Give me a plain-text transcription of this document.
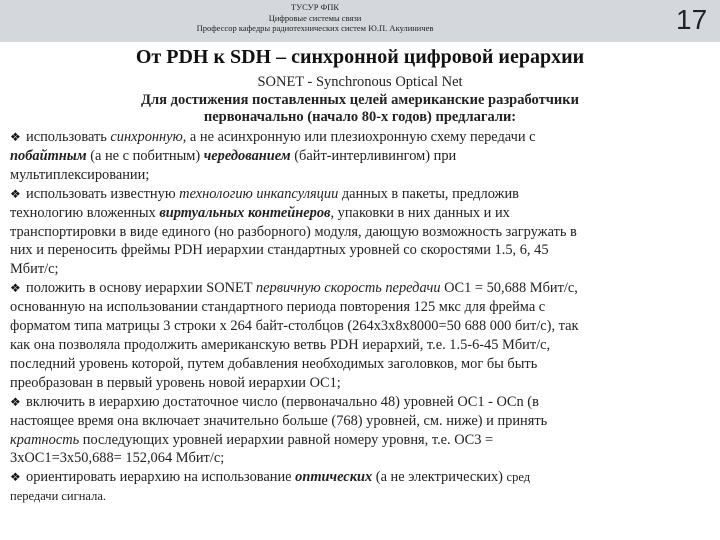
ТУСУР ФПК
Цифровые системы связи
Профессор кафедры радиотехнических систем Ю.П. Акулиничев	17
От PDH к SDH – синхронной цифровой иерархии
SONET - Synchronous Optical Net
Для достижения поставленных целей американские разработчики
первоначально (начало 80-х годов) предлагали:

❖ использовать синхронную, а не асинхронную или плезиохронную схему передачи с

побайтным (а не с побитным) чередованием (байт-интерливингом) при

мультиплексировании;

❖ использовать известную технологию инкапсуляции данных в пакеты, предложив

технологию вложенных виртуальных контейнеров, упаковки в них данных и их

транспортировки в виде единого (но разборного) модуля, дающую возможность загружать в

них и переносить фреймы PDH иерархии стандартных уровней со скоростями 1.5, 6, 45

Мбит/с;

❖ положить в основу иерархии SONET первичную скорость передачи OC1 = 50,688 Мбит/с,

основанную на использовании стандартного периода повторения 125 мкс для фрейма с

форматом типа матрицы 3 строки x 264 байт-столбцов (264x3x8x8000=50 688 000 бит/с), так

как она позволяла продолжить американскую ветвь PDH иерархий, т.е. 1.5-6-45 Мбит/с,

последний уровень которой, путем добавления необходимых заголовков, мог бы быть

преобразован в первый уровень новой иерархии OC1;

❖ включить в иерархию достаточное число (первоначально 48) уровней OC1 - OCn (в

настоящее время она включает значительно больше (768) уровней, см. ниже) и принять

кратность последующих уровней иерархии равной номеру уровня, т.е. OC3 =

3xOC1=3x50,688= 152,064 Мбит/с;

❖ ориентировать иерархию на использование оптических (а не электрических) сред

передачи сигнала.
